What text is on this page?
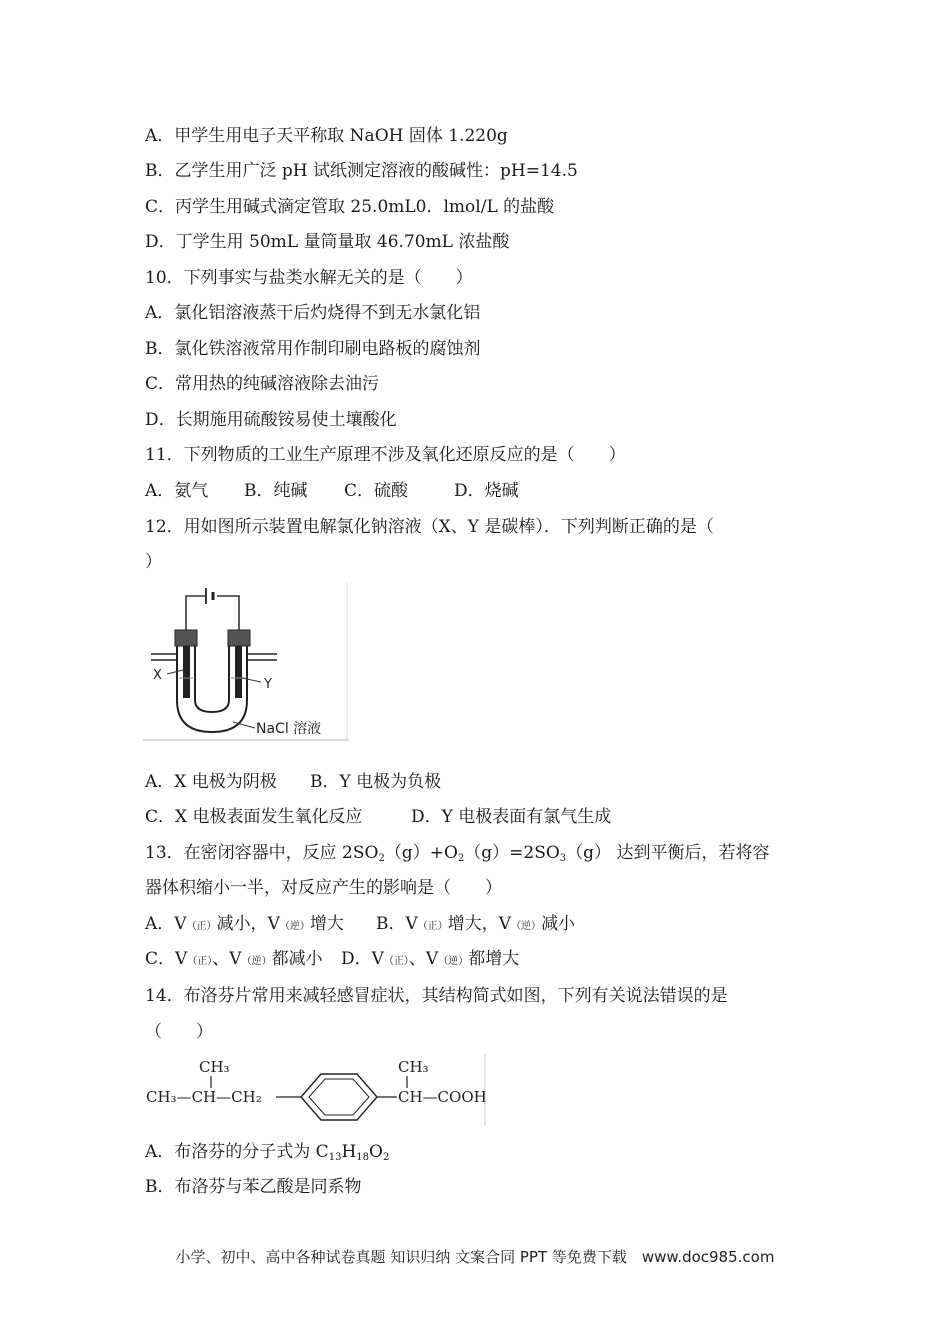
A．甲学生用电子天平称取 NaOH 固体 1.220g
B．乙学生用广泛 pH 试纸测定溶液的酸碱性：pH=14.5
C．丙学生用碱式滴定管取 25.0mL0．lmol/L 的盐酸
D．丁学生用 50mL 量筒量取 46.70mL 浓盐酸
10．下列事实与盐类水解无关的是（　　）
A．氯化铝溶液蒸干后灼烧得不到无水氯化铝
B．氯化铁溶液常用作制印刷电路板的腐蚀剂
C．常用热的纯碱溶液除去油污
D．长期施用硫酸铵易使土壤酸化
11．下列物质的工业生产原理不涉及氧化还原反应的是（　　）
A．氨气 B．纯碱 C．硫酸	D．烧碱
12．用如图所示装置电解氯化钠溶液（X、Y 是碳棒）．下列判断正确的是（
）
X
Y
NaCl 溶液
A．X 电极为阴极 B．Y 电极为负极
C．X 电极表面发生氧化反应	D．Y 电极表面有氯气生成
13．在密闭容器中，反应 $2SO_2(g)+O_2(g)=2SO_3(g)$ 达到平衡后，若将容
器体积缩小一半，对反应产生的影响是（　　）
A．V（正）减小，V（逆）增大 B．V（正）增大，V（逆）减小
C．V（正）、V（逆）都减小 D．V（正）、V（逆）都增大
14．布洛芬片常用来减轻感冒症状，其结构简式如图，下列有关说法错误的是
（　　）
CH₃—CH—CH₂
CH₃	CH₃
CH—COOH
A．布洛芬的分子式为 $C_{13}H_{18}O_2$
B．布洛芬与苯乙酸是同系物
小学、初中、高中各种试卷真题 知识归纳 文案合同 PPT 等免费下载　www.doc985.com
